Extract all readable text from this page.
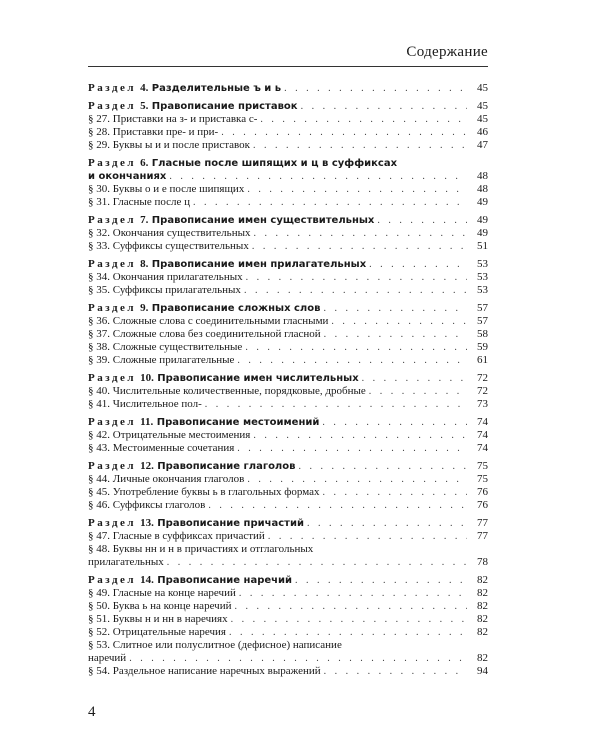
Содержание
Раздел 4. Разделительные ъ и ь . . .	45
Раздел 5. Правописание приставок . . .	45
§ 27. Приставки на з- и приставка с- . . .	45
§ 28. Приставки пре- и при- . . .	46
§ 29. Буквы ы и и после приставок . . .	47
Раздел 6. Гласные после шипящих и ц в суффиксах
и окончаниях . . .	48
§ 30. Буквы о и е после шипящих . . .	48
§ 31. Гласные после ц . . .	49
Раздел 7. Правописание имен существительных . . .	49
§ 32. Окончания существительных . . .	49
§ 33. Суффиксы существительных . . .	51
Раздел 8. Правописание имен прилагательных . . .	53
§ 34. Окончания прилагательных . . .	53
§ 35. Суффиксы прилагательных . . .	53
Раздел 9. Правописание сложных слов . . .	57
§ 36. Сложные слова с соединительными гласными . . .	57
§ 37. Сложные слова без соединительной гласной . . .	58
§ 38. Сложные существительные . . .	59
§ 39. Сложные прилагательные . . .	61
Раздел 10. Правописание имен числительных . . .	72
§ 40. Числительные количественные, порядковые, дробные . . .	72
§ 41. Числительное пол- . . .	73
Раздел 11. Правописание местоимений . . .	74
§ 42. Отрицательные местоимения . . .	74
§ 43. Местоименные сочетания . . .	74
Раздел 12. Правописание глаголов . . .	75
§ 44. Личные окончания глаголов . . .	75
§ 45. Употребление буквы ь в глагольных формах . . .	76
§ 46. Суффиксы глаголов . . .	76
Раздел 13. Правописание причастий . . .	77
§ 47. Гласные в суффиксах причастий . . .	77
§ 48. Буквы нн и н в причастиях и отглагольных
прилагательных . . .	78
Раздел 14. Правописание наречий . . .	82
§ 49. Гласные на конце наречий . . .	82
§ 50. Буква ь на конце наречий . . .	82
§ 51. Буквы н и нн в наречиях . . .	82
§ 52. Отрицательные наречия . . .	82
§ 53. Слитное или полуслитное (дефисное) написание
наречий . . .	82
§ 54. Раздельное написание наречных выражений . . .	94
4
